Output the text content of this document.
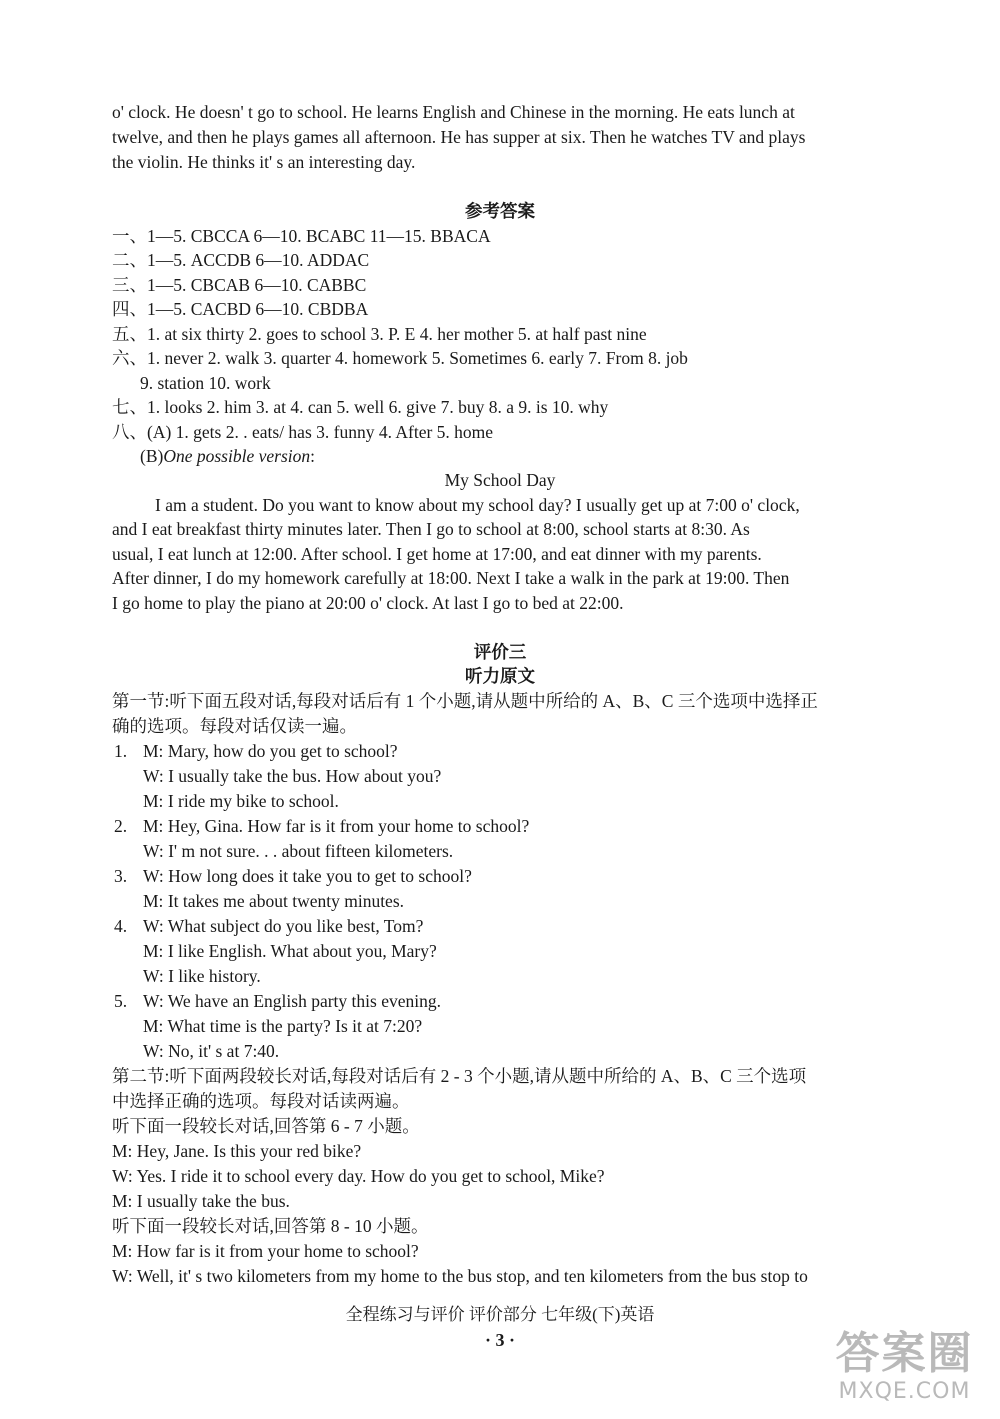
o' clock. He doesn' t go to school. He learns English and Chinese in the morning. He eats lunch at
twelve, and then he plays games all afternoon. He has supper at six. Then he watches TV and plays
the violin. He thinks it' s an interesting day.
参考答案
一、1—5. CBCCA 6—10. BCABC 11—15. BBACA
二、1—5. ACCDB 6—10. ADDAC
三、1—5. CBCAB 6—10. CABBC
四、1—5. CACBD 6—10. CBDBA
五、1. at six thirty 2. goes to school 3. P. E 4. her mother 5. at half past nine
六、1. never 2. walk 3. quarter 4. homework 5. Sometimes 6. early 7. From 8. job
9. station 10. work
七、1. looks 2. him 3. at 4. can 5. well 6. give 7. buy 8. a 9. is 10. why
八、(A) 1. gets 2. . eats/ has 3. funny 4. After 5. home
(B)One possible version:
My School Day
I am a student. Do you want to know about my school day? I usually get up at 7:00 o' clock,
and I eat breakfast thirty minutes later. Then I go to school at 8:00, school starts at 8:30. As
usual, I eat lunch at 12:00. After school. I get home at 17:00, and eat dinner with my parents.
After dinner, I do my homework carefully at 18:00. Next I take a walk in the park at 19:00. Then
I go home to play the piano at 20:00 o' clock. At last I go to bed at 22:00.
评价三
听力原文
第一节:听下面五段对话,每段对话后有 1 个小题,请从题中所给的 A、B、C 三个选项中选择正
确的选项。每段对话仅读一遍。
1. M: Mary, how do you get to school?
W: I usually take the bus. How about you?
M: I ride my bike to school.
2. M: Hey, Gina. How far is it from your home to school?
W: I' m not sure. . . about fifteen kilometers.
3. W: How long does it take you to get to school?
M: It takes me about twenty minutes.
4. W: What subject do you like best, Tom?
M: I like English. What about you, Mary?
W: I like history.
5. W: We have an English party this evening.
M: What time is the party? Is it at 7:20?
W: No, it' s at 7:40.
第二节:听下面两段较长对话,每段对话后有 2 - 3 个小题,请从题中所给的 A、B、C 三个选项
中选择正确的选项。每段对话读两遍。
听下面一段较长对话,回答第 6 - 7 小题。
M: Hey, Jane. Is this your red bike?
W: Yes. I ride it to school every day. How do you get to school, Mike?
M: I usually take the bus.
听下面一段较长对话,回答第 8 - 10 小题。
M: How far is it from your home to school?
W: Well, it' s two kilometers from my home to the bus stop, and ten kilometers from the bus stop to
全程练习与评价 评价部分 七年级(下)英语
· 3 ·	答案圈
MXQE.COM
